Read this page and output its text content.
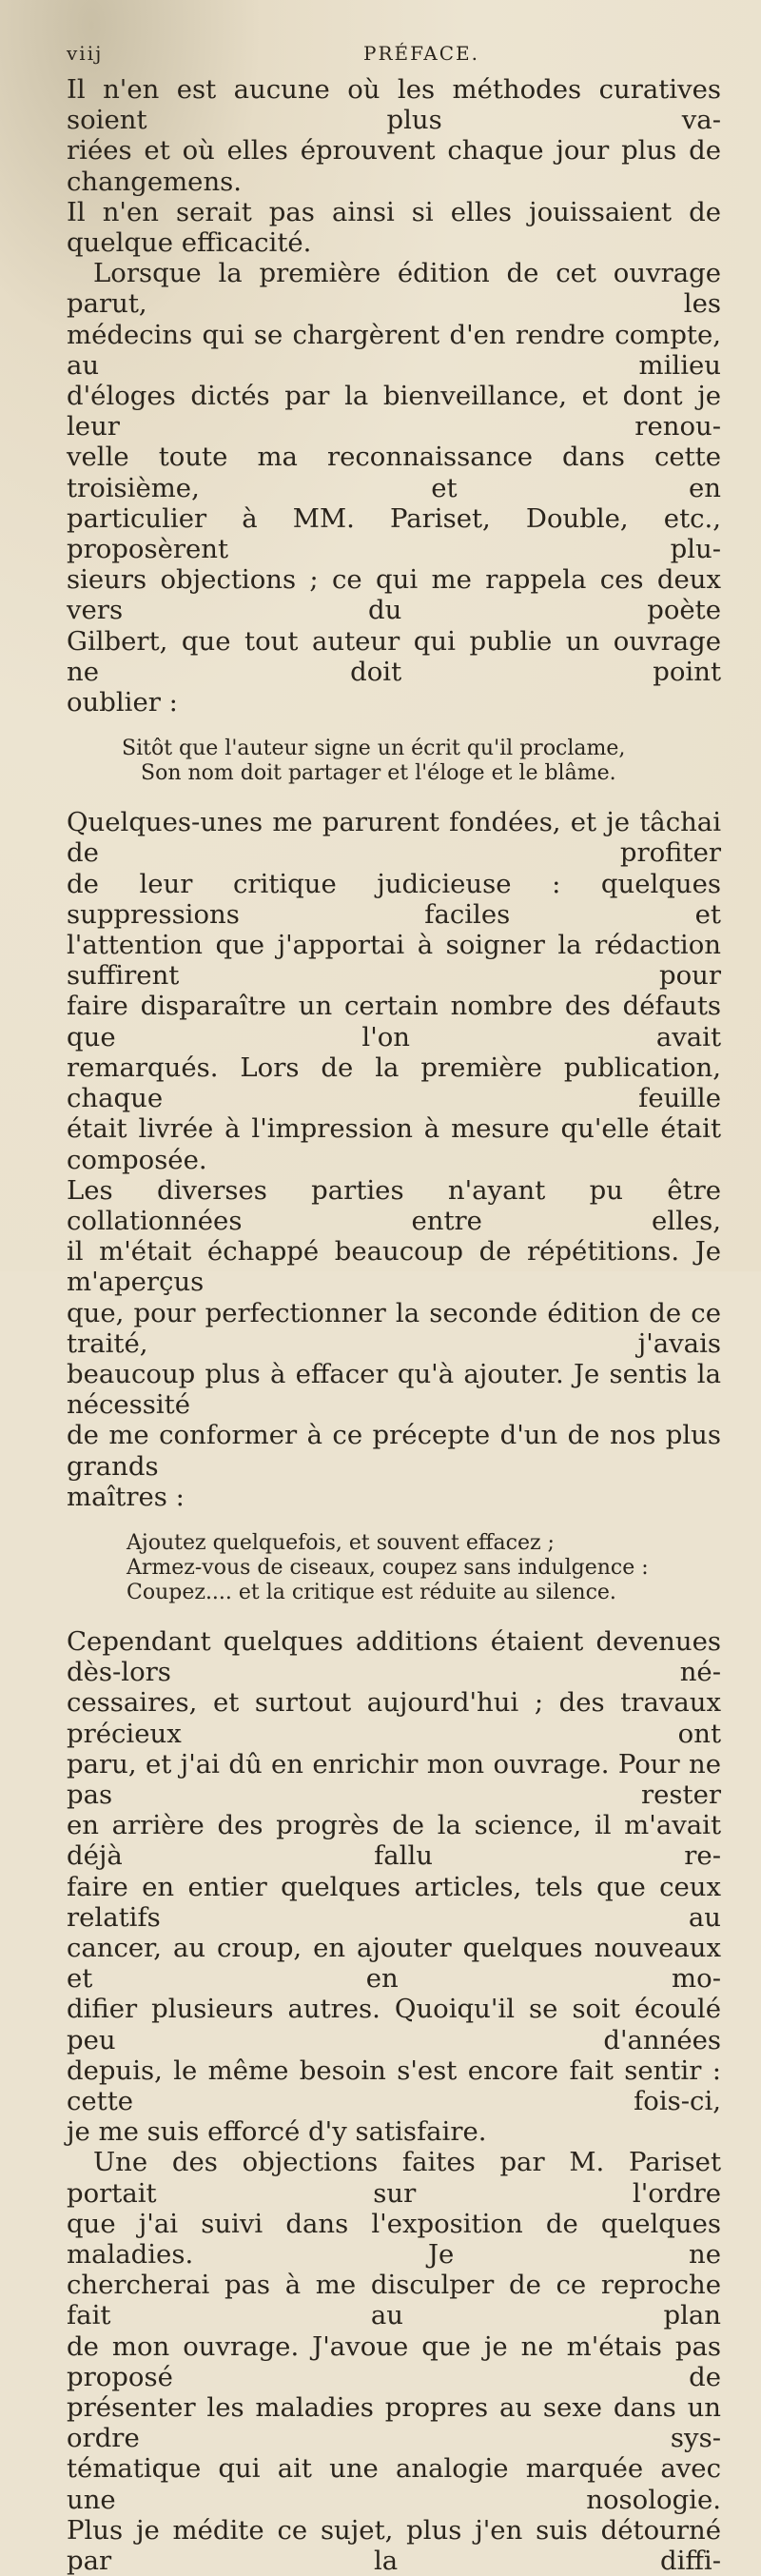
viij	PRÉFACE.

Il n'en est aucune où les méthodes curatives soient plus va-

riées et où elles éprouvent chaque jour plus de changemens.

Il n'en serait pas ainsi si elles jouissaient de quelque efficacité.

Lorsque la première édition de cet ouvrage parut, les

médecins qui se chargèrent d'en rendre compte, au milieu

d'éloges dictés par la bienveillance, et dont je leur renou-

velle toute ma reconnaissance dans cette troisième, et en

particulier à MM. Pariset, Double, etc., proposèrent plu-

sieurs objections ; ce qui me rappela ces deux vers du poète

Gilbert, que tout auteur qui publie un ouvrage ne doit point

oublier :

Sitôt que l'auteur signe un écrit qu'il proclame,
Son nom doit partager et l'éloge et le blâme.

Quelques-unes me parurent fondées, et je tâchai de profiter

de leur critique judicieuse : quelques suppressions faciles et

l'attention que j'apportai à soigner la rédaction suffirent pour

faire disparaître un certain nombre des défauts que l'on avait

remarqués. Lors de la première publication, chaque feuille

était livrée à l'impression à mesure qu'elle était composée.

Les diverses parties n'ayant pu être collationnées entre elles,

il m'était échappé beaucoup de répétitions. Je m'aperçus

que, pour perfectionner la seconde édition de ce traité, j'avais

beaucoup plus à effacer qu'à ajouter. Je sentis la nécessité

de me conformer à ce précepte d'un de nos plus grands

maîtres :

Ajoutez quelquefois, et souvent effacez ;
Armez-vous de ciseaux, coupez sans indulgence :
Coupez.... et la critique est réduite au silence.

Cependant quelques additions étaient devenues dès-lors né-

cessaires, et surtout aujourd'hui ; des travaux précieux ont

paru, et j'ai dû en enrichir mon ouvrage. Pour ne pas rester

en arrière des progrès de la science, il m'avait déjà fallu re-

faire en entier quelques articles, tels que ceux relatifs au

cancer, au croup, en ajouter quelques nouveaux et en mo-

difier plusieurs autres. Quoiqu'il se soit écoulé peu d'années

depuis, le même besoin s'est encore fait sentir : cette fois-ci,

je me suis efforcé d'y satisfaire.

Une des objections faites par M. Pariset portait sur l'ordre

que j'ai suivi dans l'exposition de quelques maladies. Je ne

chercherai pas à me disculper de ce reproche fait au plan

de mon ouvrage. J'avoue que je ne m'étais pas proposé de

présenter les maladies propres au sexe dans un ordre sys-

tématique qui ait une analogie marquée avec une nosologie.

Plus je médite ce sujet, plus j'en suis détourné par la diffi-
